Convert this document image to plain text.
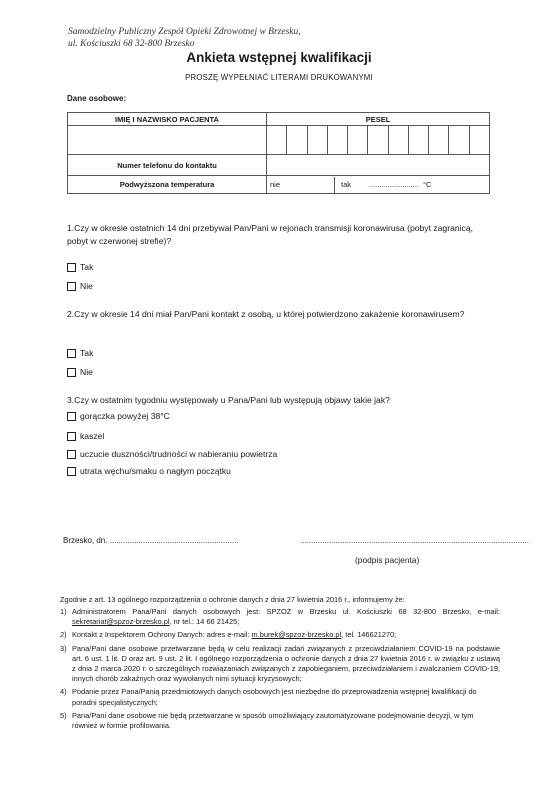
Samodzielny Publiczny Zespół Opieki Zdrowotnej w Brzesku,
ul. Kościuszki 68 32-800 Brzesko
Ankieta wstępnej kwalifikacji
PROSZĘ WYPEŁNIAĆ LITERAMI DRUKOWANYMI
Dane osobowe:
IMIĘ I NAZWISKO PACJENTA	PESEL

Numer telefonu do kontaktu	
Podwyższona temperatura	nie tak ........................ °C
1.Czy w okresie ostatnich 14 dni przebywał Pan/Pani w rejonach transmisji koronawirusa (pobyt zagranicą, pobyt w czerwonej strefie)?
Tak
Nie
2.Czy w okresie 14 dni miał Pan/Pani kontakt z osobą, u której potwierdzono zakażenie koronawirusem?
Tak
Nie
3.Czy w ostatnim tygodniu występowały u Pana/Pani lub występują objawy takie jak?
gorączka powyżej 38°C
kaszel
uczucie duszności/trudności w nabieraniu powietrza
utrata węchu/smaku o nagłym początku
Brzesko, dn. ..........................................................	.......................................................................................................
(podpis pacjenta)
Zgodnie z art. 13 ogólnego rozporządzenia o ochronie danych z dnia 27 kwietnia 2016 r., informujemy że:
1) Administratorem Pana/Pani danych osobowych jest: SPZOZ w Brzesku ul. Kościuszki 68 32-800 Brzesko, e-mail: sekretariat@spzoz-brzesko.pl, nr tel.: 14 66 21425;
2) Kontakt z Inspektorem Ochrony Danych: adres e-mail: m.burek@spzoz-brzesko.pl, tel. 146621270;
3) Pana/Pani dane osobowe przetwarzane będą w celu realizacji zadań związanych z przeciwdziałaniem COVID-19 na podstawie art. 6 ust. 1 lit. D oraz art. 9 ust. 2 lit. I ogólnego rozporządzenia o ochronie danych z dnia 27 kwietnia 2016 r. w związku z ustawą z dnia 2 marca 2020 r. o szczególnych rozwiązaniach związanych z zapobieganiem, przeciwdziałaniem i zwalczaniem COVID-19, innych chorób zakaźnych oraz wywołanych nimi sytuacji kryzysowych;
4) Podanie przez Pana/Panią przedmiotowych danych osobowych jest niezbędne do przeprowadzenia wstępnej kwalifikacji do poradni specjalistycznych;
5) Pana/Pani dane osobowe nie będą przetwarzane w sposób umożliwiający zautomatyzowane podejmowanie decyzji, w tym również w formie profilowania.
